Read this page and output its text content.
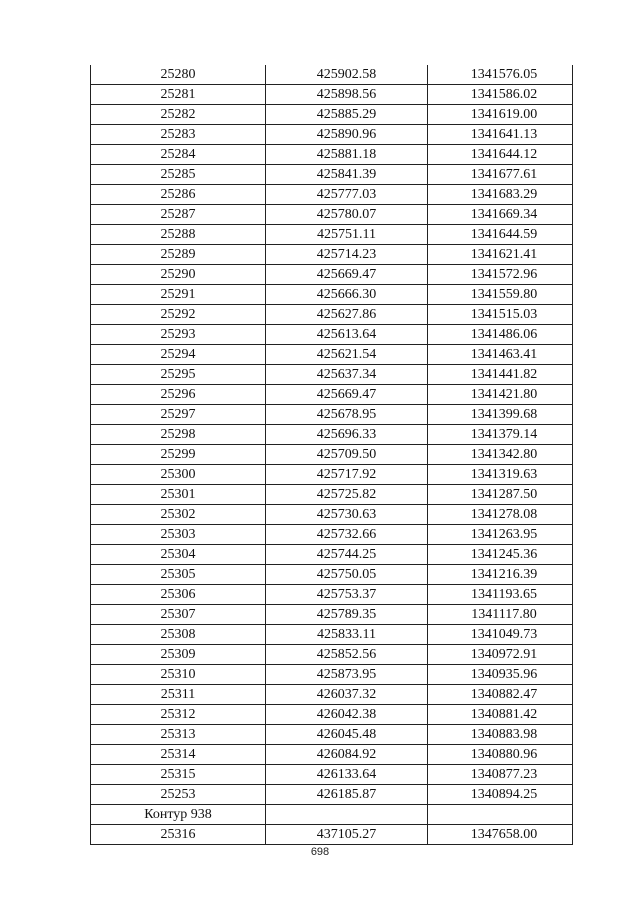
25280	425902.58	1341576.05
25281	425898.56	1341586.02
25282	425885.29	1341619.00
25283	425890.96	1341641.13
25284	425881.18	1341644.12
25285	425841.39	1341677.61
25286	425777.03	1341683.29
25287	425780.07	1341669.34
25288	425751.11	1341644.59
25289	425714.23	1341621.41
25290	425669.47	1341572.96
25291	425666.30	1341559.80
25292	425627.86	1341515.03
25293	425613.64	1341486.06
25294	425621.54	1341463.41
25295	425637.34	1341441.82
25296	425669.47	1341421.80
25297	425678.95	1341399.68
25298	425696.33	1341379.14
25299	425709.50	1341342.80
25300	425717.92	1341319.63
25301	425725.82	1341287.50
25302	425730.63	1341278.08
25303	425732.66	1341263.95
25304	425744.25	1341245.36
25305	425750.05	1341216.39
25306	425753.37	1341193.65
25307	425789.35	1341117.80
25308	425833.11	1341049.73
25309	425852.56	1340972.91
25310	425873.95	1340935.96
25311	426037.32	1340882.47
25312	426042.38	1340881.42
25313	426045.48	1340883.98
25314	426084.92	1340880.96
25315	426133.64	1340877.23
25253	426185.87	1340894.25
Контур 938		
25316	437105.27	1347658.00
698
